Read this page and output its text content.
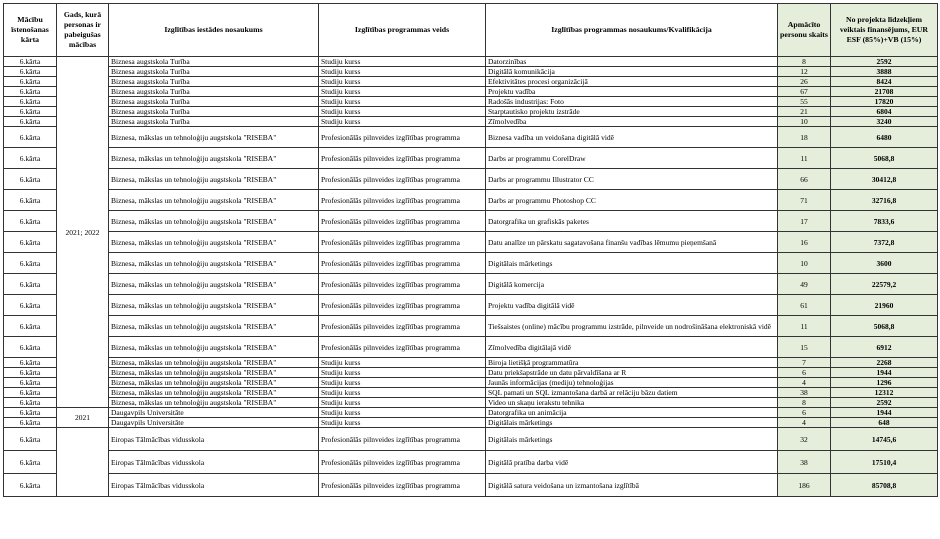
Mācību īstenošanas kārta	Gads, kurā personas ir pabeigušas mācības	Izglītības iestādes nosaukums	Izglītības programmas veids	Izglītības programmas nosaukums/Kvalifikācija	Apmācīto personu skaits	No projekta līdzekļiem veiktais finansējums, EUR ESF (85%)+VB (15%)
6.kārta	2021; 2022	Biznesa augstskola Turība	Studiju kurss	Datorzinības	8	2592
6.kārta		Biznesa augstskola Turība	Studiju kurss	Digitālā komunikācija	12	3888
6.kārta		Biznesa augstskola Turība	Studiju kurss	Efektivitātes procesi organizācijā	26	8424
6.kārta		Biznesa augstskola Turība	Studiju kurss	Projektu vadība	67	21708
6.kārta		Biznesa augstskola Turība	Studiju kurss	Radošās industrijas: Foto	55	17820
6.kārta		Biznesa augstskola Turība	Studiju kurss	Starptautisko projektu izstrāde	21	6804
6.kārta		Biznesa augstskola Turība	Studiju kurss	Zīmolvedība	10	3240
6.kārta		Biznesa, mākslas un tehnoloģiju augstskola "RISEBA"	Profesionālās pilnveides izglītības programma	Biznesa vadība un veidošana digitālā vidē	18	6480
6.kārta		Biznesa, mākslas un tehnoloģiju augstskola "RISEBA"	Profesionālās pilnveides izglītības programma	Darbs ar programmu CorelDraw	11	5068,8
6.kārta		Biznesa, mākslas un tehnoloģiju augstskola "RISEBA"	Profesionālās pilnveides izglītības programma	Darbs ar programmu Illustrator CC	66	30412,8
6.kārta		Biznesa, mākslas un tehnoloģiju augstskola "RISEBA"	Profesionālās pilnveides izglītības programma	Darbs ar programmu Photoshop CC	71	32716,8
6.kārta		Biznesa, mākslas un tehnoloģiju augstskola "RISEBA"	Profesionālās pilnveides izglītības programma	Datorgrafika un grafiskās paketes	17	7833,6
6.kārta		Biznesa, mākslas un tehnoloģiju augstskola "RISEBA"	Profesionālās pilnveides izglītības programma	Datu analīze un pārskatu sagatavošana finanšu vadības lēmumu pieņemšanā	16	7372,8
6.kārta		Biznesa, mākslas un tehnoloģiju augstskola "RISEBA"	Profesionālās pilnveides izglītības programma	Digitālais mārketings	10	3600
6.kārta		Biznesa, mākslas un tehnoloģiju augstskola "RISEBA"	Profesionālās pilnveides izglītības programma	Digitālā komercija	49	22579,2
6.kārta		Biznesa, mākslas un tehnoloģiju augstskola "RISEBA"	Profesionālās pilnveides izglītības programma	Projektu vadība digitālā vidē	61	21960
6.kārta		Biznesa, mākslas un tehnoloģiju augstskola "RISEBA"	Profesionālās pilnveides izglītības programma	Tiešsaistes (online) mācību programmu izstrāde, pilnveide un nodrošināšana elektroniskā vidē	11	5068,8
6.kārta		Biznesa, mākslas un tehnoloģiju augstskola "RISEBA"	Profesionālās pilnveides izglītības programma	Zīmolvedība digitālajā vidē	15	6912
6.kārta		Biznesa, mākslas un tehnoloģiju augstskola "RISEBA"	Studiju kurss	Biroja lietišķā programmatūra	7	2268
6.kārta		Biznesa, mākslas un tehnoloģiju augstskola "RISEBA"	Studiju kurss	Datu priekšapstrāde un datu pārvaldīšana ar R	6	1944
6.kārta		Biznesa, mākslas un tehnoloģiju augstskola "RISEBA"	Studiju kurss	Jaunās informācijas (mediju) tehnoloģijas	4	1296
6.kārta		Biznesa, mākslas un tehnoloģiju augstskola "RISEBA"	Studiju kurss	SQL pamati un SQL izmantošana darbā ar relāciju bāzu datiem	38	12312
6.kārta		Biznesa, mākslas un tehnoloģiju augstskola "RISEBA"	Studiju kurss	Video un skaņu ierakstu tehnika	8	2592
6.kārta	2021	Daugavpils Universitāte	Studiju kurss	Datorgrafika un animācija	6	1944
6.kārta		Daugavpils Universitāte	Studiju kurss	Digitālais mārketings	4	648
6.kārta		Eiropas Tālmācības vidusskola	Profesionālās pilnveides izglītības programma	Digitālais mārketings	32	14745,6
6.kārta		Eiropas Tālmācības vidusskola	Profesionālās pilnveides izglītības programma	Digitālā pratība darba vidē	38	17510,4
6.kārta		Eiropas Tālmācības vidusskola	Profesionālās pilnveides izglītības programma	Digitālā satura veidošana un izmantošana izglītībā	186	85708,8
